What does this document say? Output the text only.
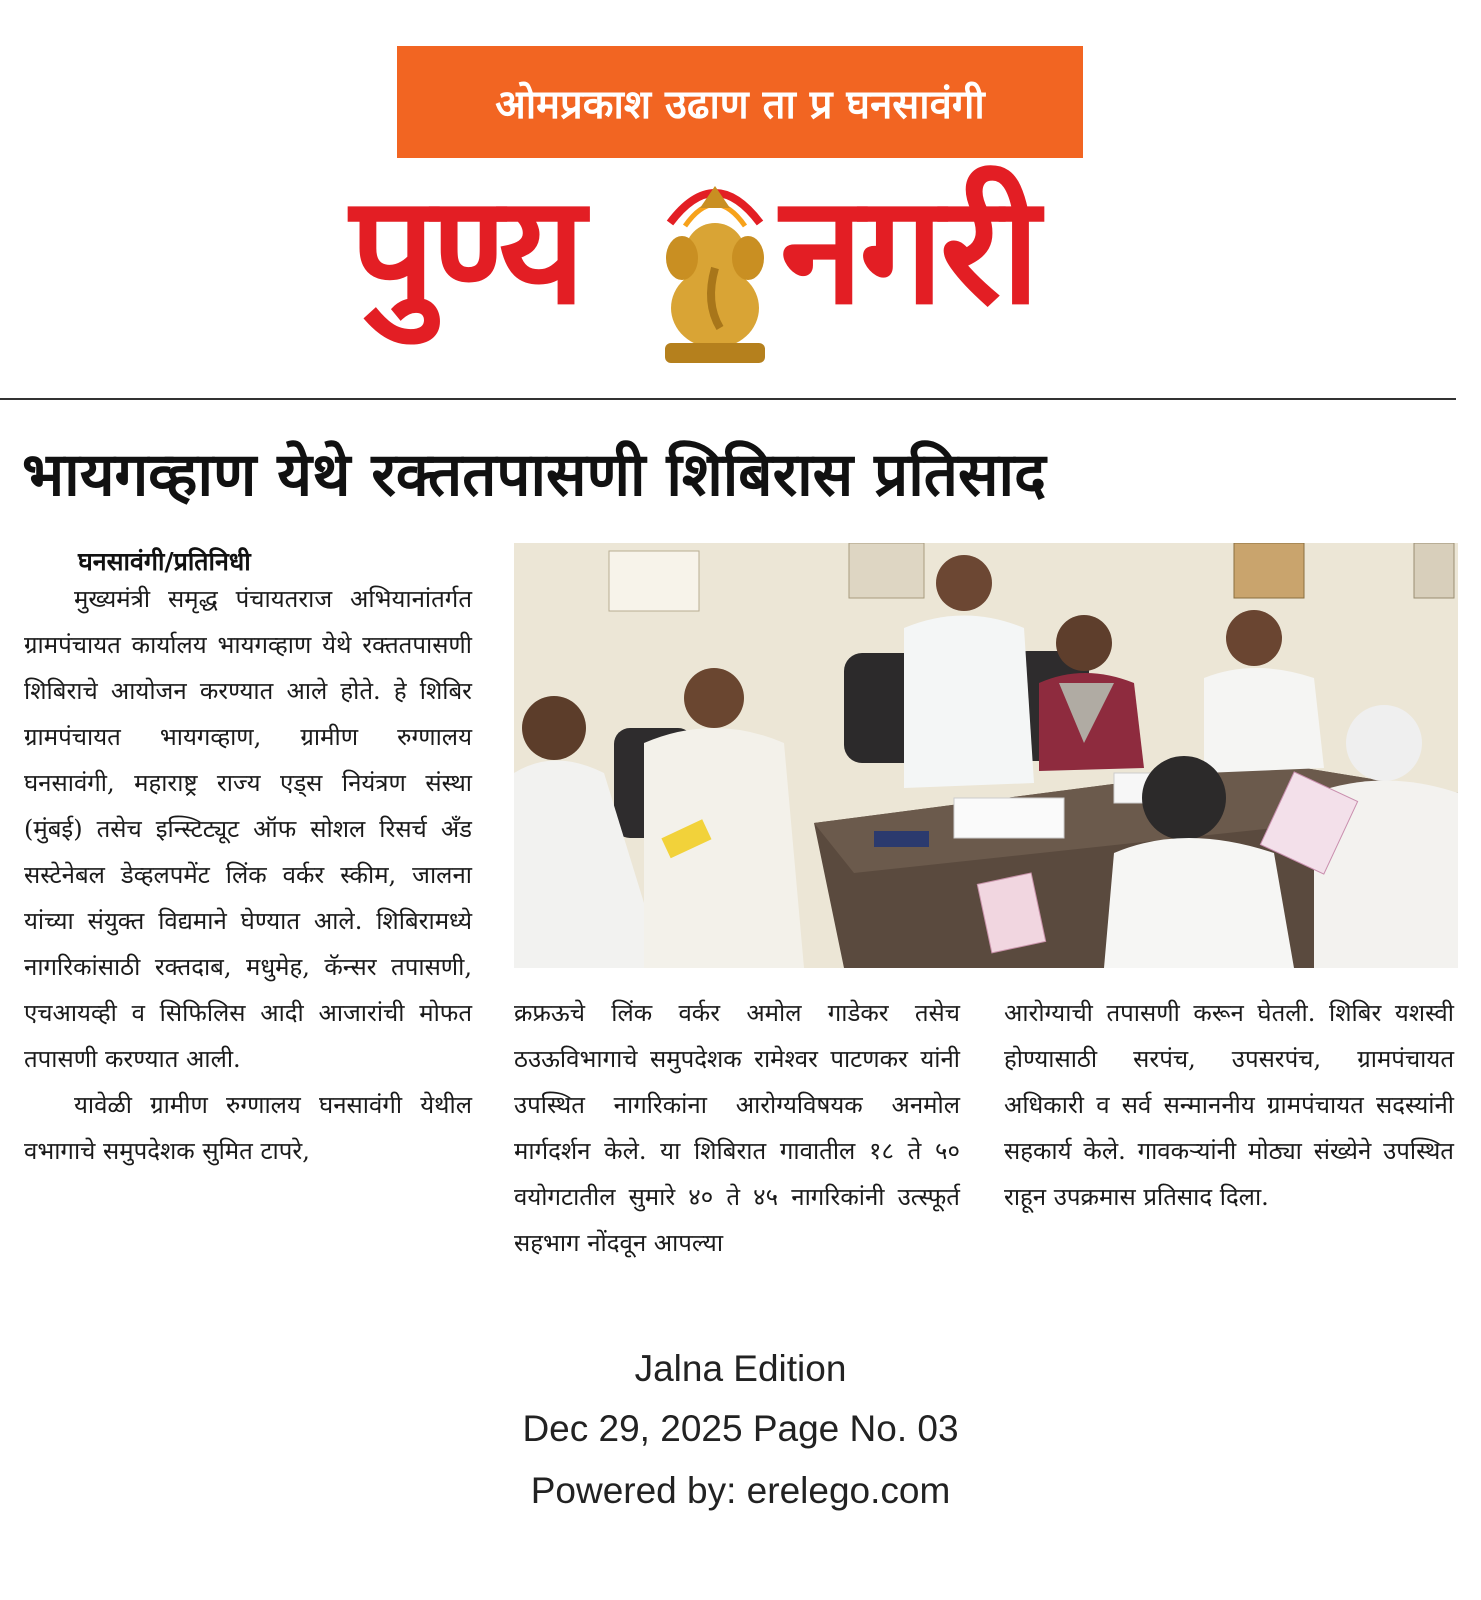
ओमप्रकाश उढाण ता प्र घनसावंगी
पुण्य नगरी
भायगव्हाण येथे रक्ततपासणी शिबिरास प्रतिसाद
घनसावंगी/प्रतिनिधी

मुख्यमंत्री समृद्ध पंचायतराज अभियानांतर्गत ग्रामपंचायत कार्यालय भायगव्हाण येथे रक्ततपासणी शिबिराचे आयोजन करण्यात आले होते. हे शिबिर ग्रामपंचायत भायगव्हाण, ग्रामीण रुग्णालय घनसावंगी, महाराष्ट्र राज्य एड्स नियंत्रण संस्था (मुंबई) तसेच इन्स्टिट्यूट ऑफ सोशल रिसर्च अँड सस्टेनेबल डेव्हलपमेंट लिंक वर्कर स्कीम, जालना यांच्या संयुक्त विद्यमाने घेण्यात आले. शिबिरामध्ये नागरिकांसाठी रक्तदाब, मधुमेह, कॅन्सर तपासणी, एचआयव्ही व सिफिलिस आदी आजारांची मोफत तपासणी करण्यात आली.

यावेळी ग्रामीण रुग्णालय घनसावंगी येथील वभागाचे समुपदेशक सुमित टापरे,

क्रफ्रऊचे लिंक वर्कर अमोल गाडेकर तसेच ठउऊविभागाचे समुपदेशक रामेश्वर पाटणकर यांनी उपस्थित नागरिकांना आरोग्यविषयक अनमोल मार्गदर्शन केले. या शिबिरात गावातील १८ ते ५० वयोगटातील सुमारे ४० ते ४५ नागरिकांनी उत्स्फूर्त सहभाग नोंदवून आपल्या

आरोग्याची तपासणी करून घेतली. शिबिर यशस्वी होण्यासाठी सरपंच, उपसरपंच, ग्रामपंचायत अधिकारी व सर्व सन्माननीय ग्रामपंचायत सदस्यांनी सहकार्य केले. गावकऱ्यांनी मोठ्या संख्येने उपस्थित राहून उपक्रमास प्रतिसाद दिला.

Jalna Edition
Dec 29, 2025 Page No. 03
Powered by: erelego.com
